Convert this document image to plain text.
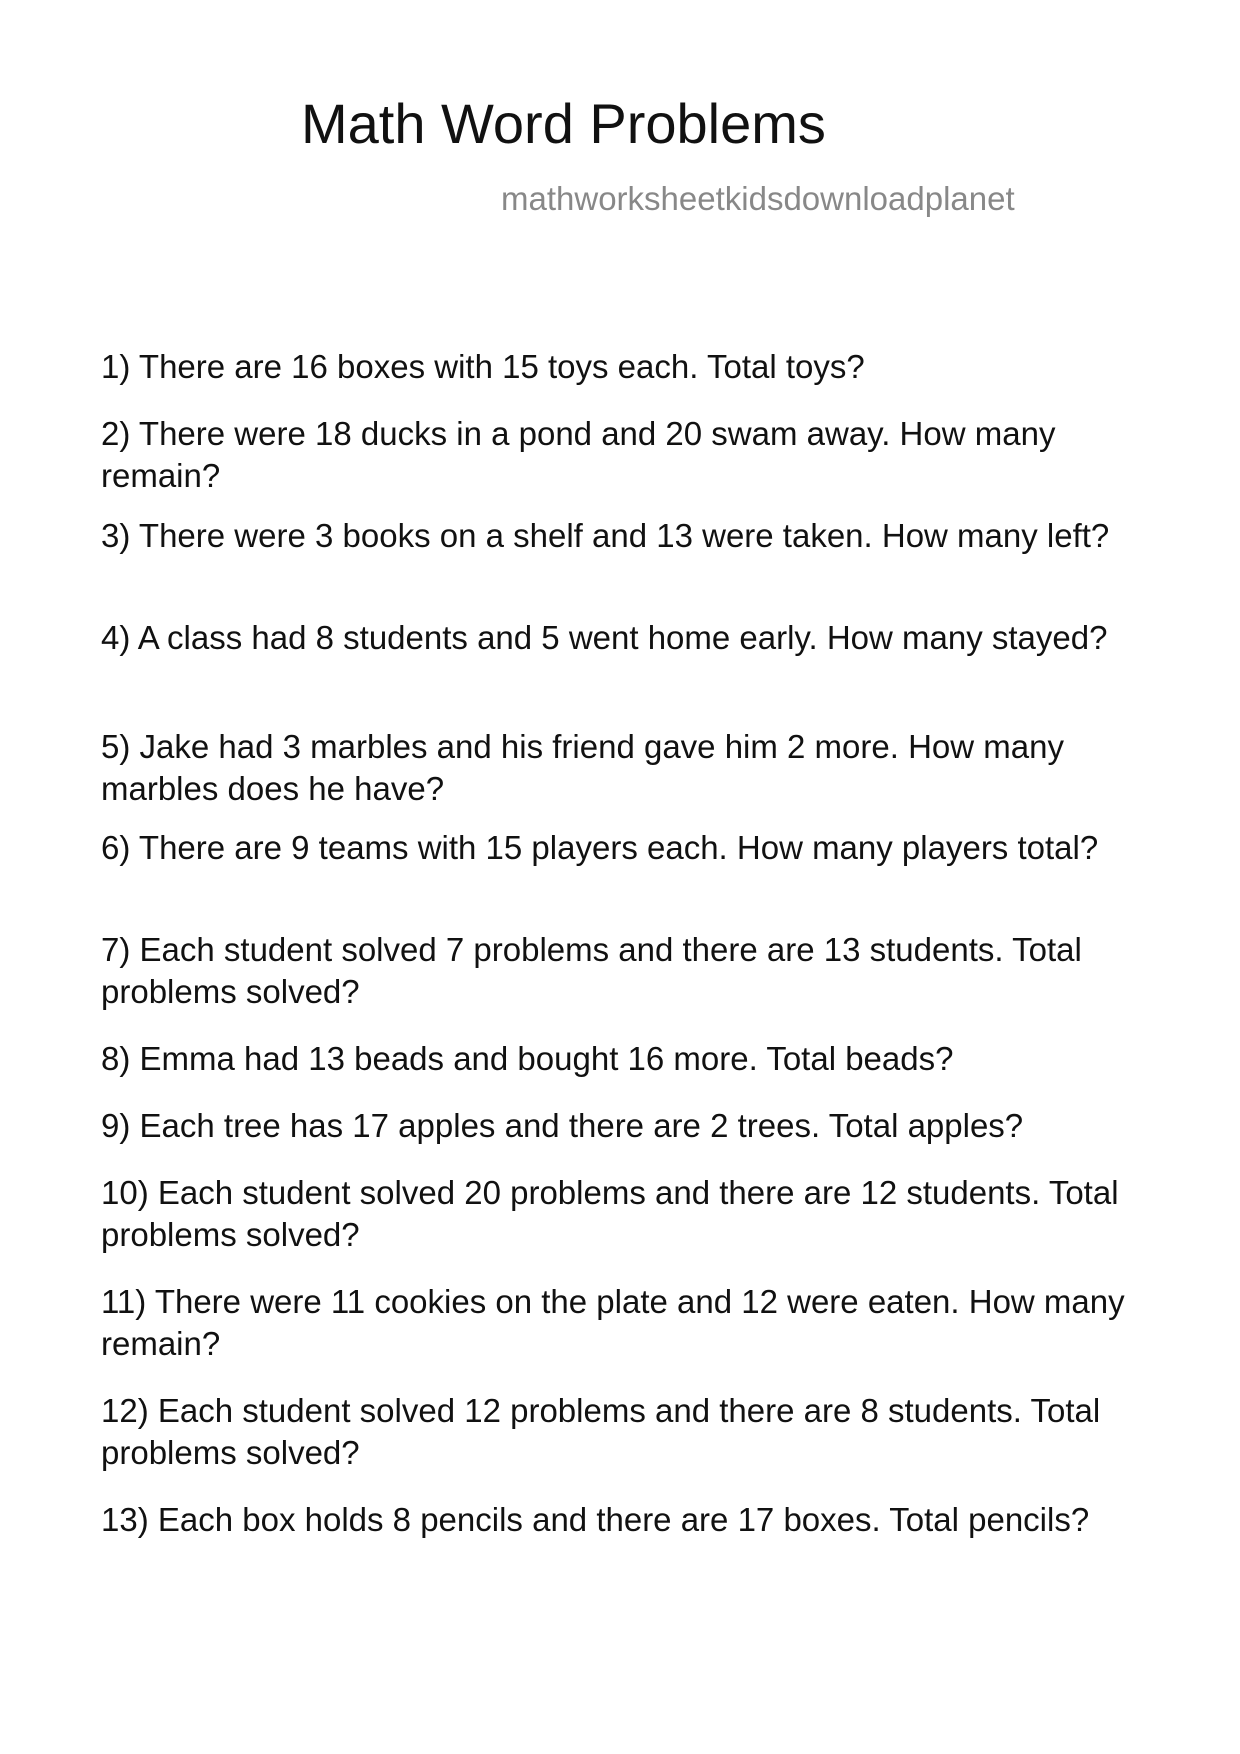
Math Word Problems
mathworksheetkidsdownloadplanet

1) There are 16 boxes with 15 toys each. Total toys?

2) There were 18 ducks in a pond and 20 swam away. How many remain?

3) There were 3 books on a shelf and 13 were taken. How many left?

4) A class had 8 students and 5 went home early. How many stayed?

5) Jake had 3 marbles and his friend gave him 2 more. How many marbles does he have?

6) There are 9 teams with 15 players each. How many players total?

7) Each student solved 7 problems and there are 13 students. Total problems solved?

8) Emma had 13 beads and bought 16 more. Total beads?

9) Each tree has 17 apples and there are 2 trees. Total apples?

10) Each student solved 20 problems and there are 12 students. Total problems solved?

11) There were 11 cookies on the plate and 12 were eaten. How many remain?

12) Each student solved 12 problems and there are 8 students. Total problems solved?

13) Each box holds 8 pencils and there are 17 boxes. Total pencils?
